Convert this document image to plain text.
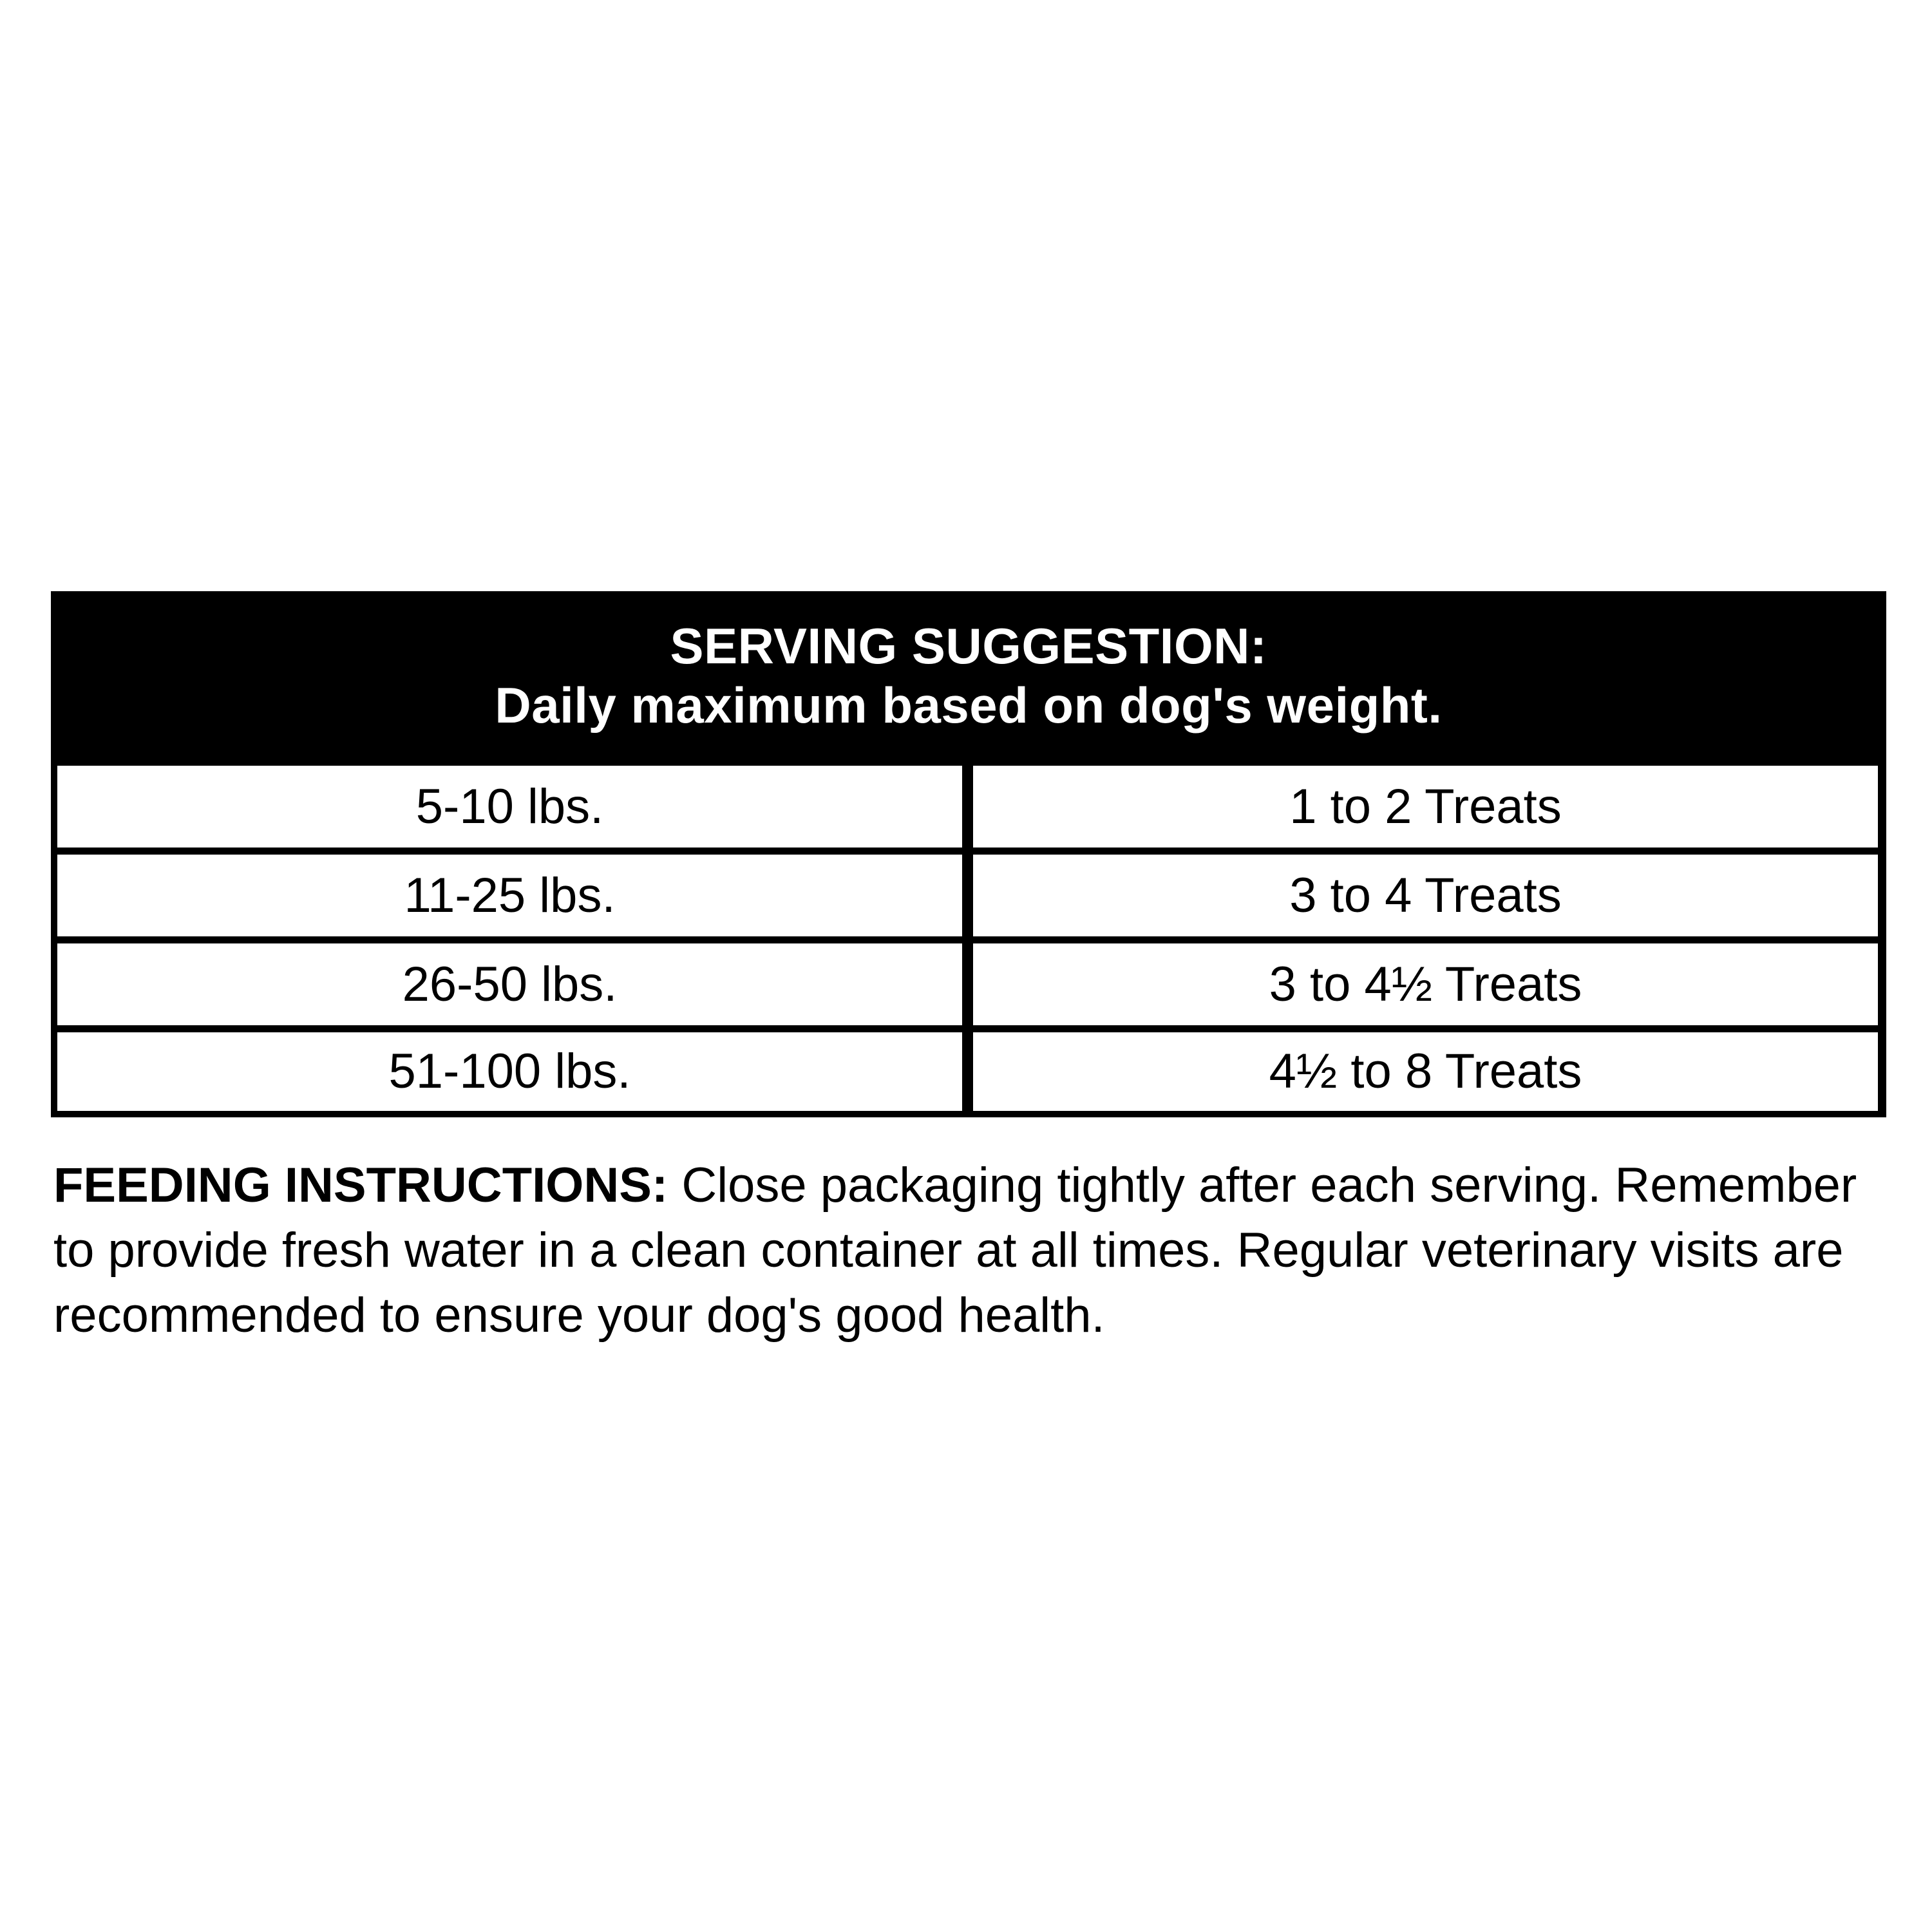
SERVING SUGGESTION:
Daily maximum based on dog's weight.
5-10 lbs.	1 to 2 Treats
11-25 lbs.	3 to 4 Treats
26-50 lbs.	3 to 4½ Treats
51-100 lbs.	4½ to 8 Treats
FEEDING INSTRUCTIONS: Close packaging tightly after each serving. Remember to provide fresh water in a clean container at all times. Regular veterinary visits are recommended to ensure your dog's good health.
